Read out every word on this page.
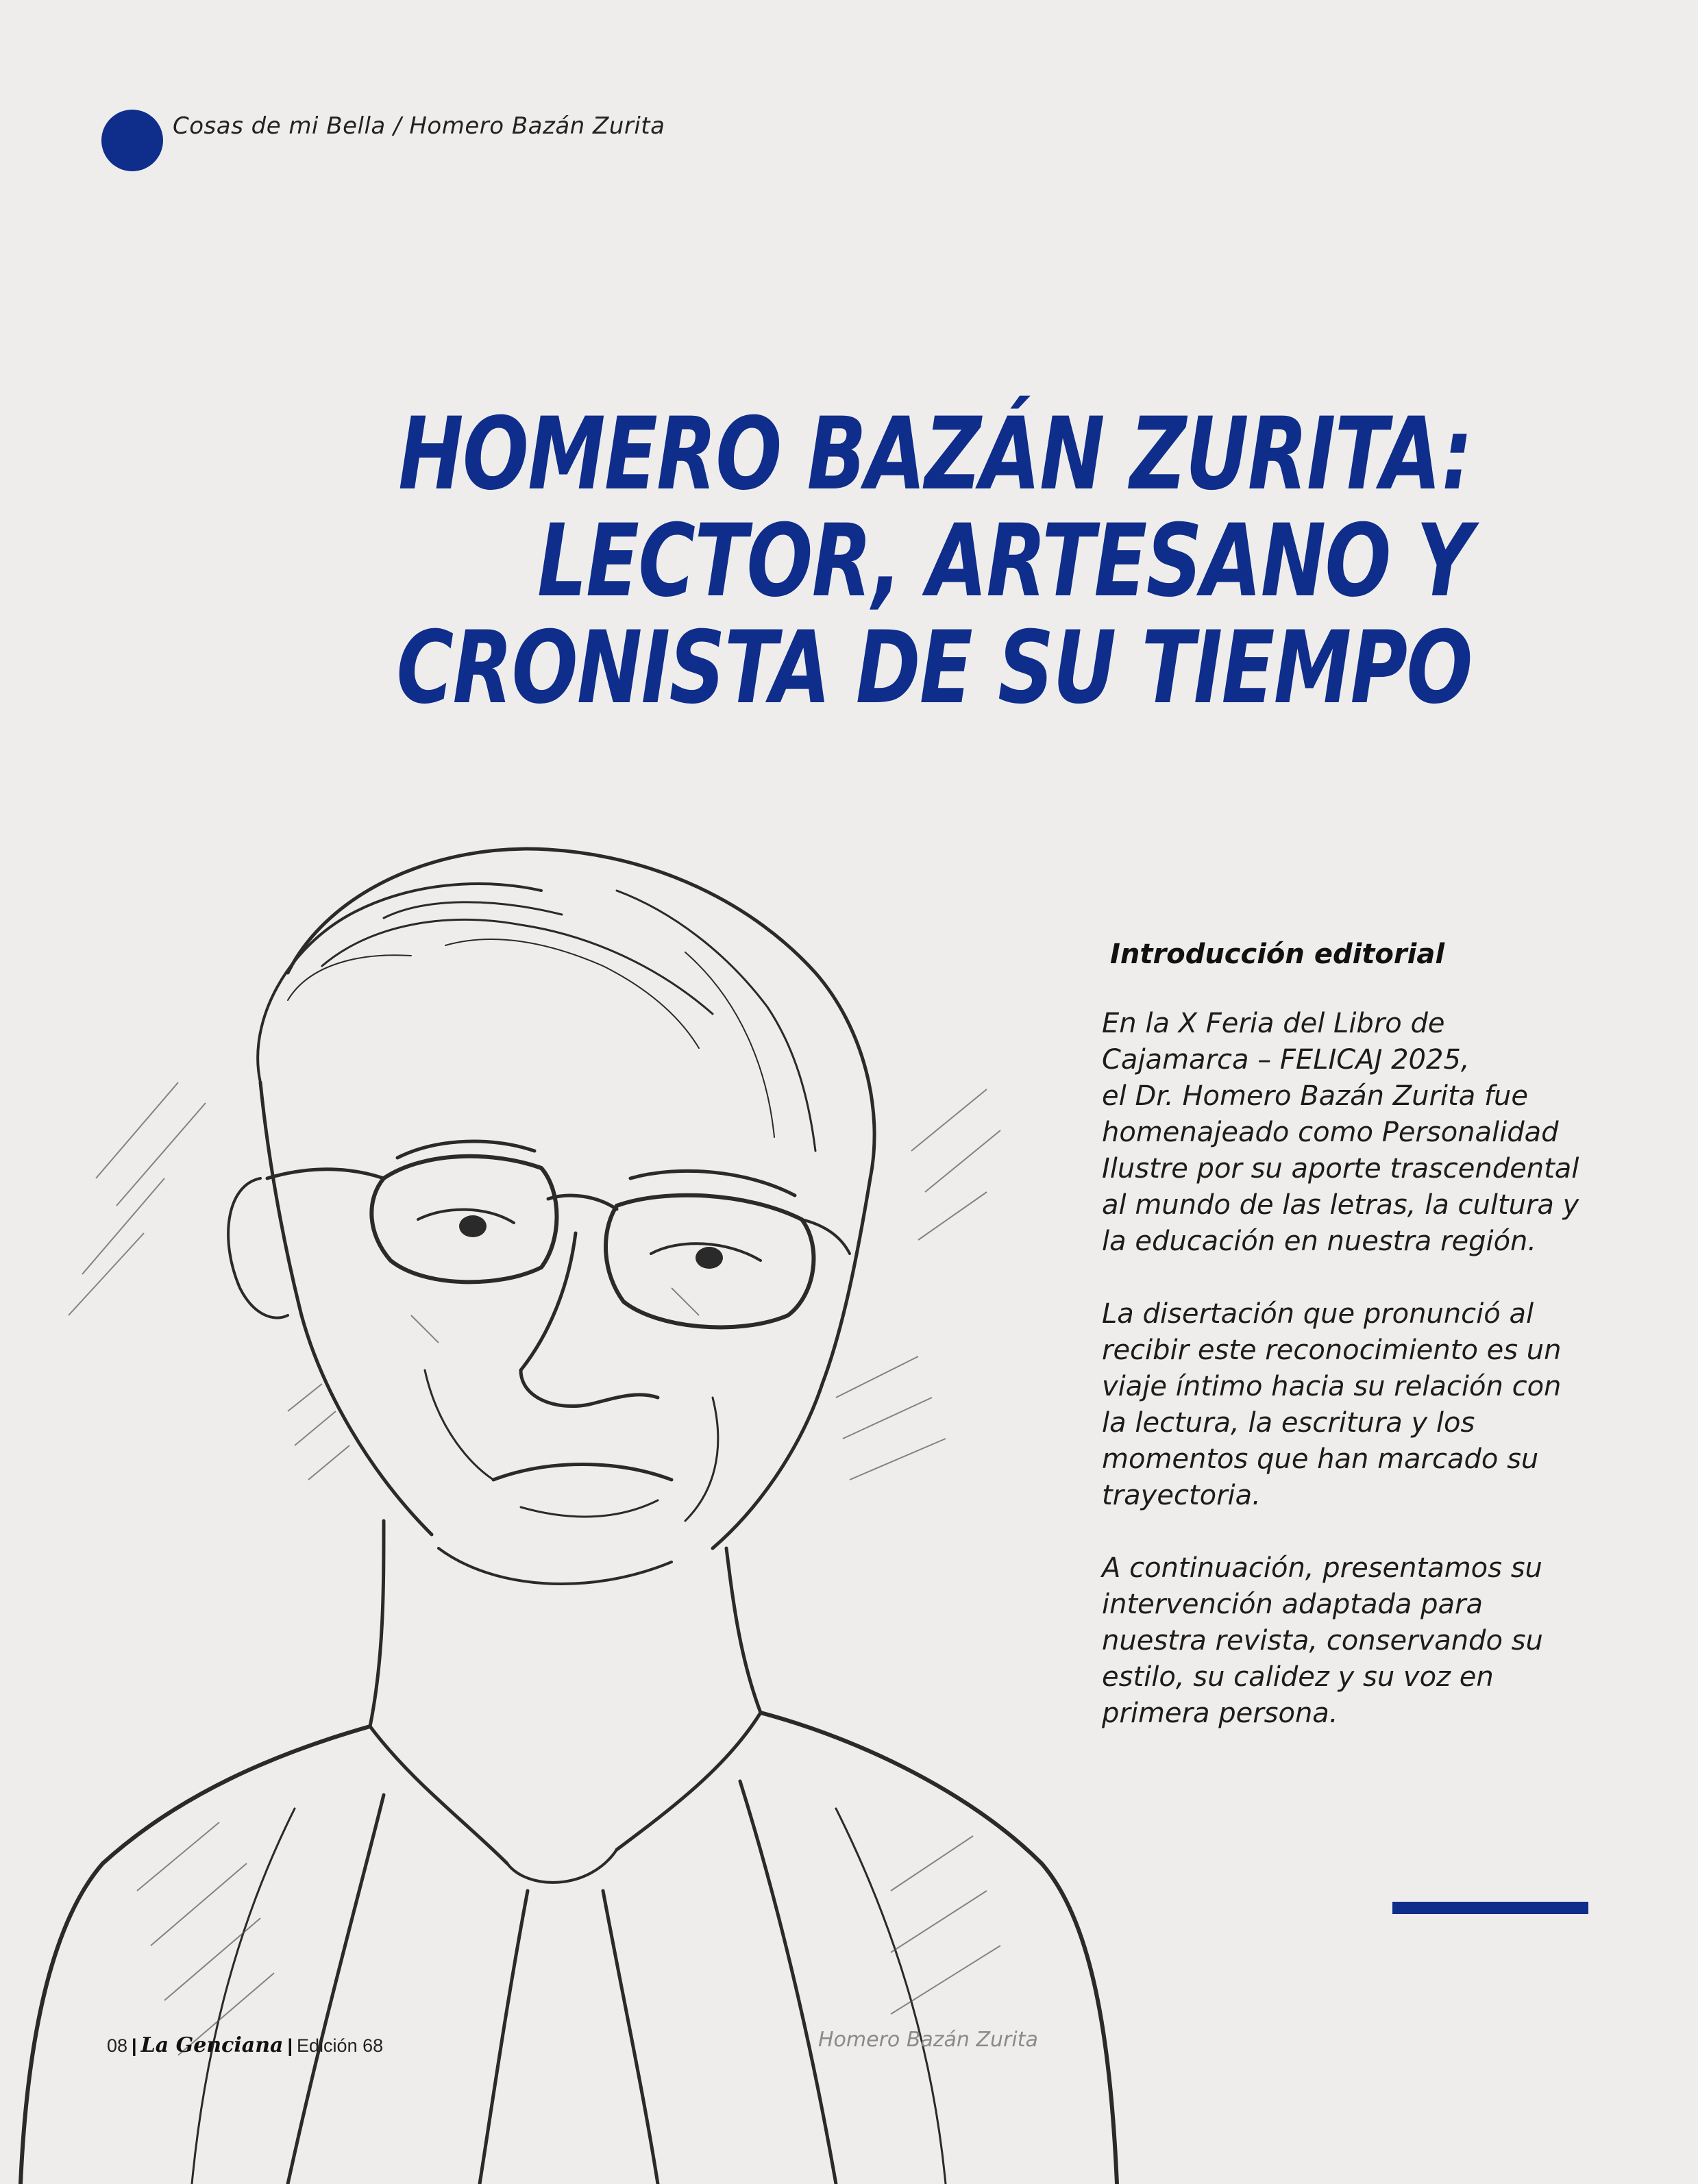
Cosas de mi Bella / Homero Bazán Zurita
HOMERO BAZÁN ZURITA:
LECTOR, ARTESANO Y
CRONISTA DE SU TIEMPO
Introducción editorial

En la X Feria del Libro de
Cajamarca – FELICAJ 2025,
el Dr. Homero Bazán Zurita fue
homenajeado como Personalidad
Ilustre por su aporte trascendental
al mundo de las letras, la cultura y
la educación en nuestra región.

La disertación que pronunció al
recibir este reconocimiento es un
viaje íntimo hacia su relación con
la lectura, la escritura y los
momentos que han marcado su
trayectoria.

A continuación, presentamos su
intervención adaptada para
nuestra revista, conservando su
estilo, su calidez y su voz en
primera persona.

08 | La Genciana | Edición 68	Homero Bazán Zurita
